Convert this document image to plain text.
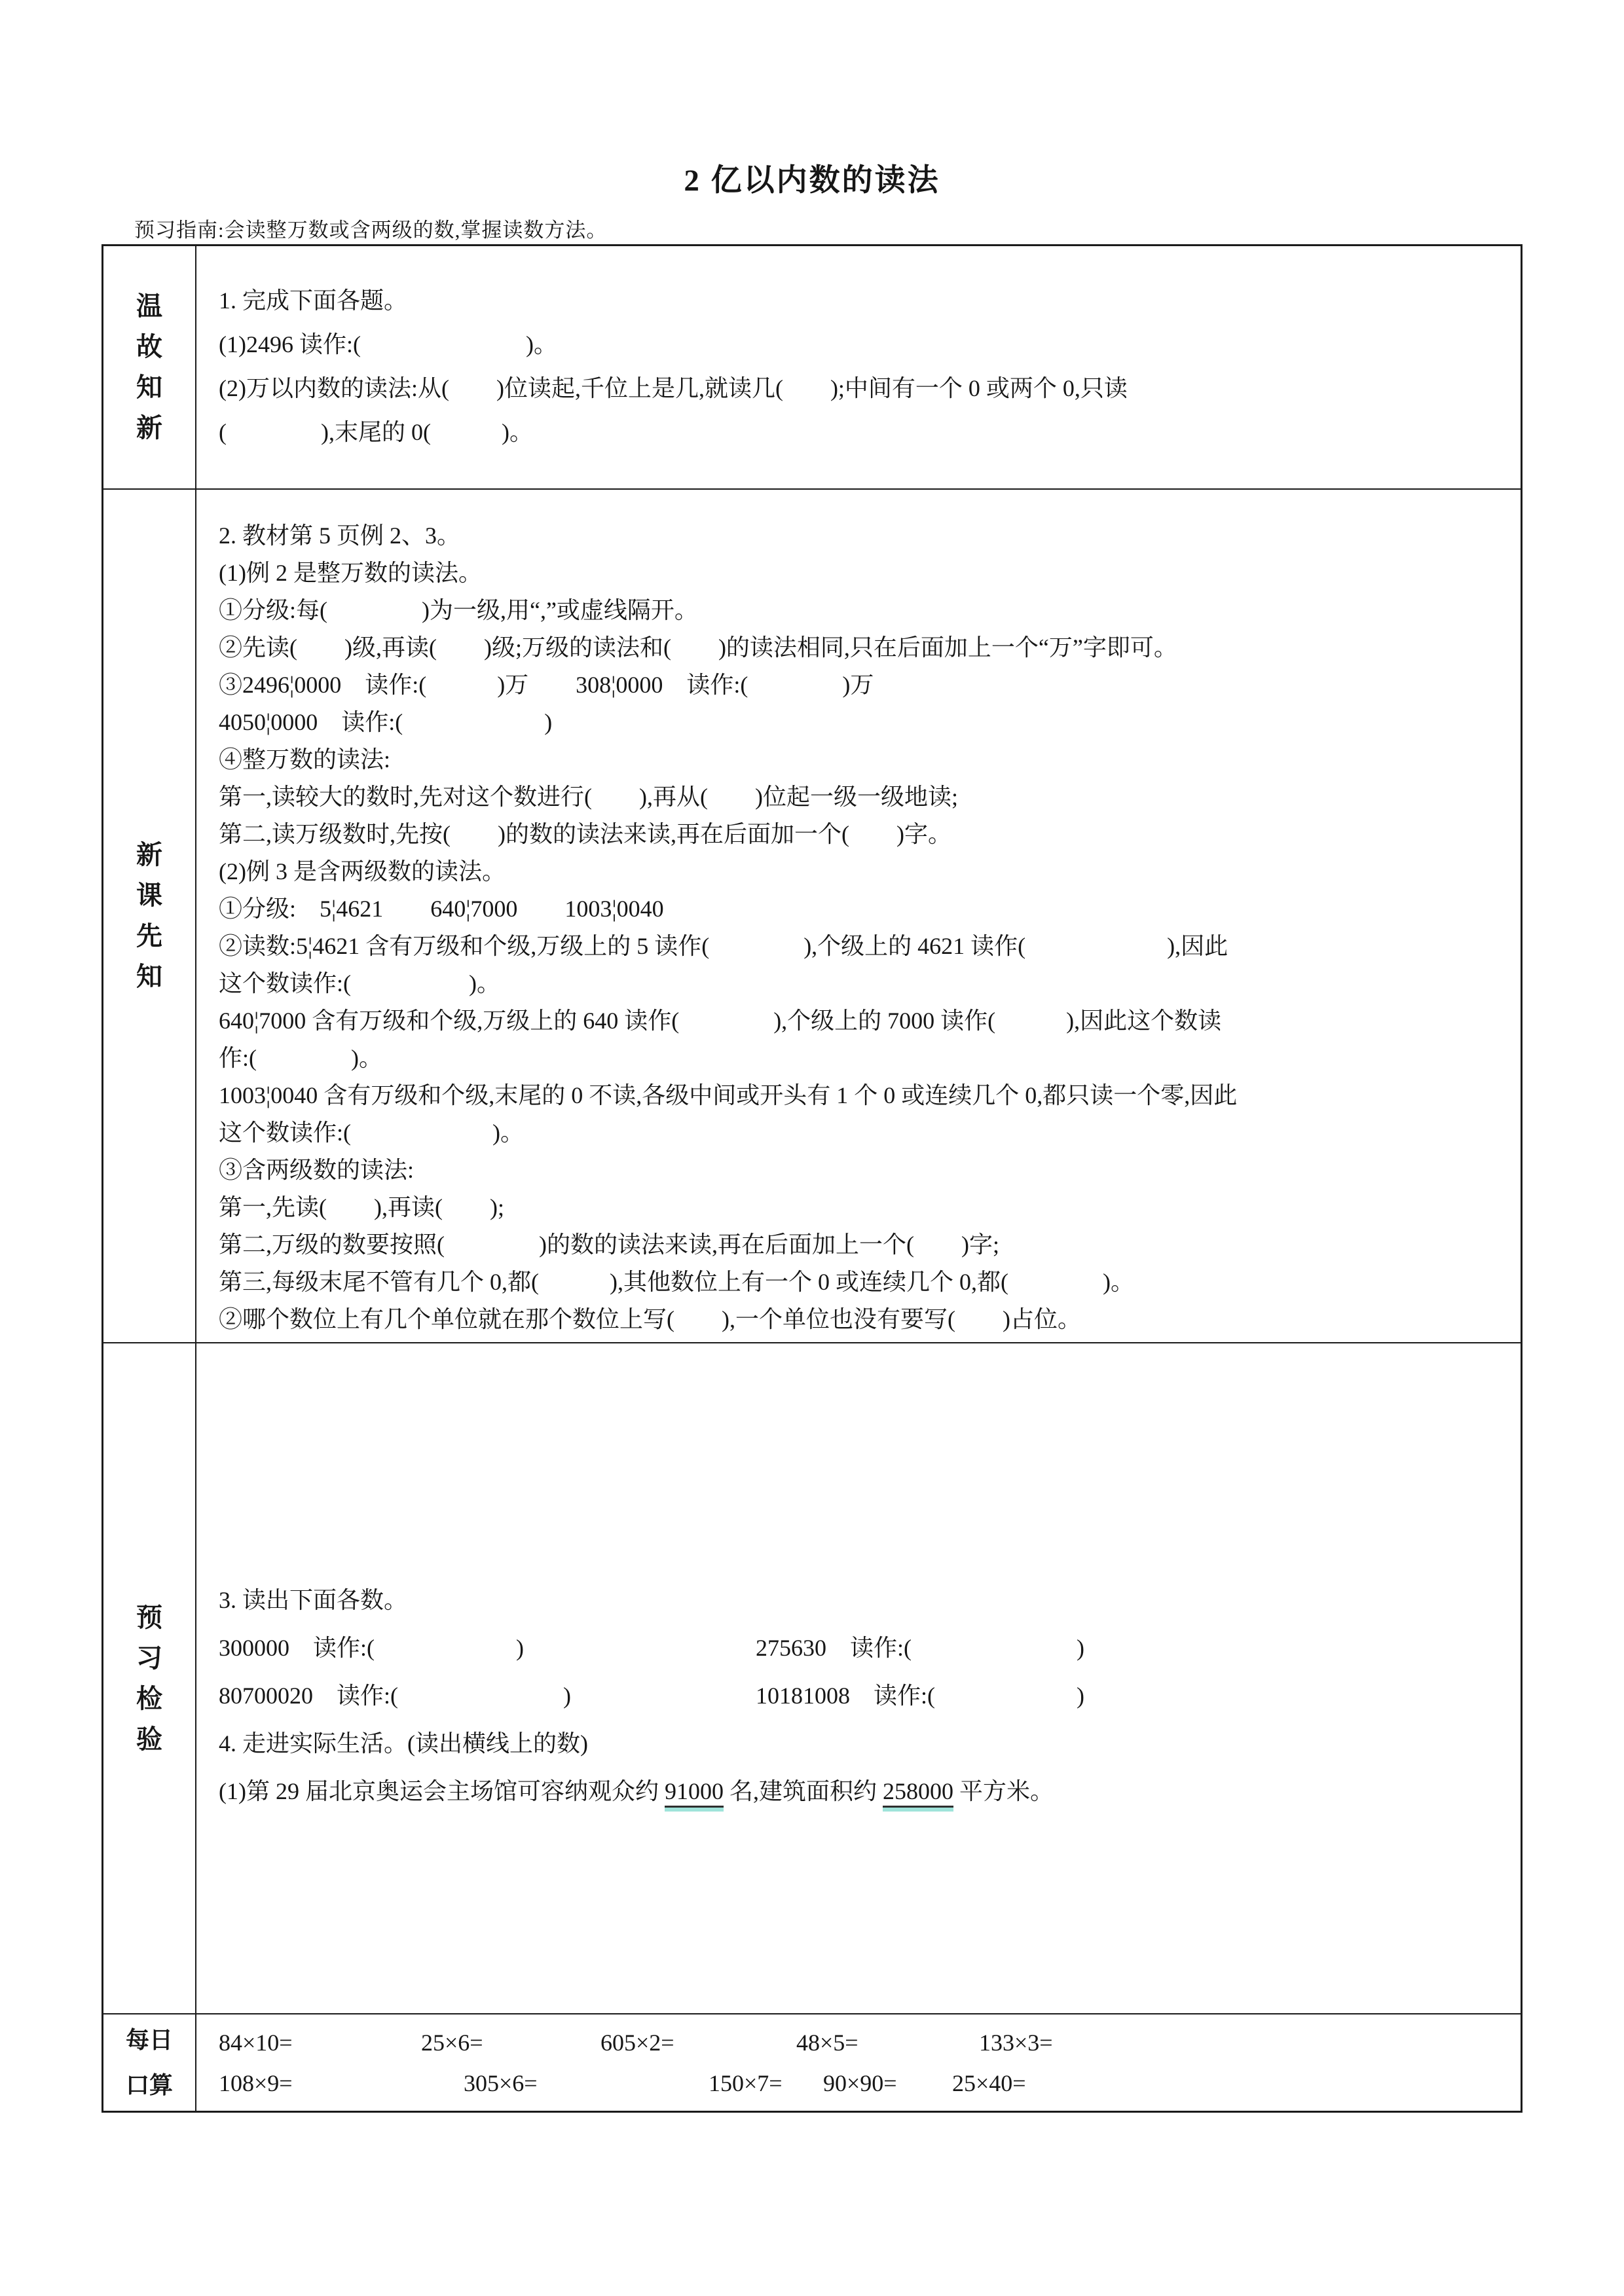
2 亿以内数的读法
预习指南:会读整万数或含两级的数,掌握读数方法。
温故知新
1. 完成下面各题。
(1)2496 读作:(　　　　　　　)。
(2)万以内数的读法:从(　　)位读起,千位上是几,就读几(　　);中间有一个 0 或两个 0,只读
(　　　　),末尾的 0(　　　)。
新课先知
2. 教材第 5 页例 2、3。
(1)例 2 是整万数的读法。
①分级:每(　　　　)为一级,用“,”或虚线隔开。
②先读(　　)级,再读(　　)级;万级的读法和(　　)的读法相同,只在后面加上一个“万”字即可。
③2496¦0000　读作:(　　　)万　　308¦0000　读作:(　　　　)万
4050¦0000　读作:(　　　　　　)
④整万数的读法:
第一,读较大的数时,先对这个数进行(　　),再从(　　)位起一级一级地读;
第二,读万级数时,先按(　　)的数的读法来读,再在后面加一个(　　)字。
(2)例 3 是含两级数的读法。
①分级:　5¦4621　　640¦7000　　1003¦0040
②读数:5¦4621 含有万级和个级,万级上的 5 读作(　　　　),个级上的 4621 读作(　　　　　　),因此
这个数读作:(　　　　　)。
640¦7000 含有万级和个级,万级上的 640 读作(　　　　),个级上的 7000 读作(　　　),因此这个数读
作:(　　　　)。
1003¦0040 含有万级和个级,末尾的 0 不读,各级中间或开头有 1 个 0 或连续几个 0,都只读一个零,因此
这个数读作:(　　　　　　)。
③含两级数的读法:
第一,先读(　　),再读(　　);
第二,万级的数要按照(　　　　)的数的读法来读,再在后面加上一个(　　)字;
第三,每级末尾不管有几个 0,都(　　　),其他数位上有一个 0 或连续几个 0,都(　　　　)。
②哪个数位上有几个单位就在那个数位上写(　　),一个单位也没有要写(　　)占位。
预习检验
3. 读出下面各数。
300000　读作:(　　　　　　)	275630　读作:(　　　　　　　)
80700020　读作:(　　　　　　　)	10181008　读作:(　　　　　　)
4. 走进实际生活。(读出横线上的数)
(1)第 29 届北京奥运会主场馆可容纳观众约 91000 名,建筑面积约 258000 平方米。
每日口算
84×10=	25×6=	605×2=	48×5=	133×3=
108×9=	305×6=	150×7= 90×90= 25×40=
